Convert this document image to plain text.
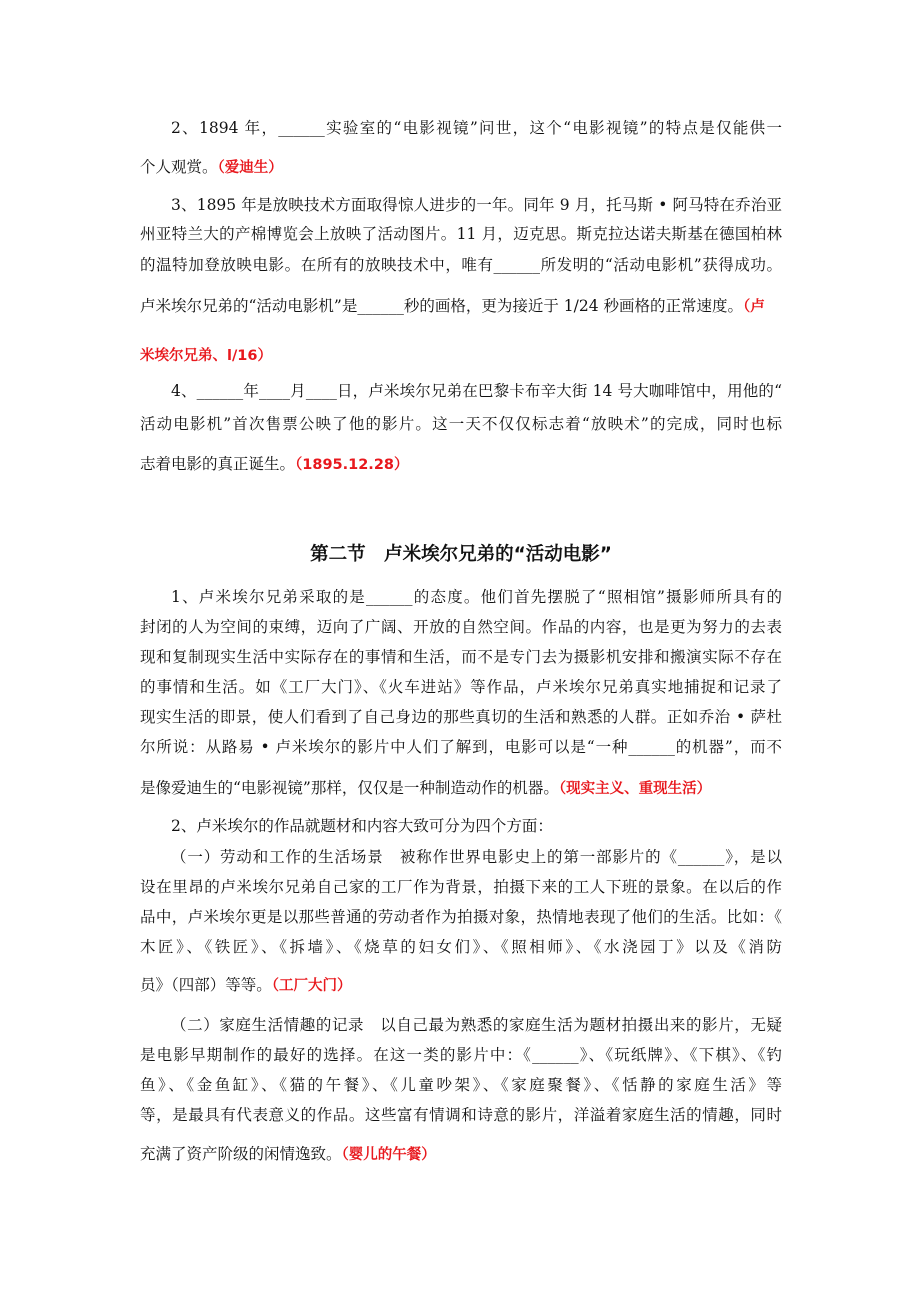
2、1894 年，______实验室的“电影视镜”问世，这个“电影视镜”的特点是仅能供一
个人观赏。（爱迪生）
3、1895 年是放映技术方面取得惊人进步的一年。同年 9 月，托马斯 • 阿马特在乔治亚
州亚特兰大的产棉博览会上放映了活动图片。11 月，迈克思。斯克拉达诺夫斯基在德国柏林
的温特加登放映电影。在所有的放映技术中，唯有______所发明的“活动电影机”获得成功。
卢米埃尔兄弟的“活动电影机”是______秒的画格，更为接近于 1/24 秒画格的正常速度。（卢
米埃尔兄弟、l/16）
4、______年____月____日，卢米埃尔兄弟在巴黎卡布辛大街 14 号大咖啡馆中，用他的“
活动电影机”首次售票公映了他的影片。这一天不仅仅标志着“放映术”的完成，同时也标
志着电影的真正诞生。（1895.12.28）
第二节　卢米埃尔兄弟的“活动电影”
1、卢米埃尔兄弟采取的是______的态度。他们首先摆脱了“照相馆”摄影师所具有的
封闭的人为空间的束缚，迈向了广阔、开放的自然空间。作品的内容，也是更为努力的去表
现和复制现实生活中实际存在的事情和生活，而不是专门去为摄影机安排和搬演实际不存在
的事情和生活。如《工厂大门》、《火车进站》等作品，卢米埃尔兄弟真实地捕捉和记录了
现实生活的即景，使人们看到了自己身边的那些真切的生活和熟悉的人群。正如乔治 • 萨杜
尔所说：从路易 • 卢米埃尔的影片中人们了解到，电影可以是“一种______的机器”，而不
是像爱迪生的“电影视镜”那样，仅仅是一种制造动作的机器。（现实主义、重现生活）
2、卢米埃尔的作品就题材和内容大致可分为四个方面：
（一）劳动和工作的生活场景　被称作世界电影史上的第一部影片的《______》，是以
设在里昂的卢米埃尔兄弟自己家的工厂作为背景，拍摄下来的工人下班的景象。在以后的作
品中，卢米埃尔更是以那些普通的劳动者作为拍摄对象，热情地表现了他们的生活。比如：《
木匠》、《铁匠》、《拆墙》、《烧草的妇女们》、《照相师》、《水浇园丁》以及《消防
员》（四部）等等。（工厂大门）
（二）家庭生活情趣的记录　以自己最为熟悉的家庭生活为题材拍摄出来的影片，无疑
是电影早期制作的最好的选择。在这一类的影片中：《______》、《玩纸牌》、《下棋》、《钓
鱼》、《金鱼缸》、《猫的午餐》、《儿童吵架》、《家庭聚餐》、《恬静的家庭生活》等
等，是最具有代表意义的作品。这些富有情调和诗意的影片，洋溢着家庭生活的情趣，同时
充满了资产阶级的闲情逸致。（婴儿的午餐）
